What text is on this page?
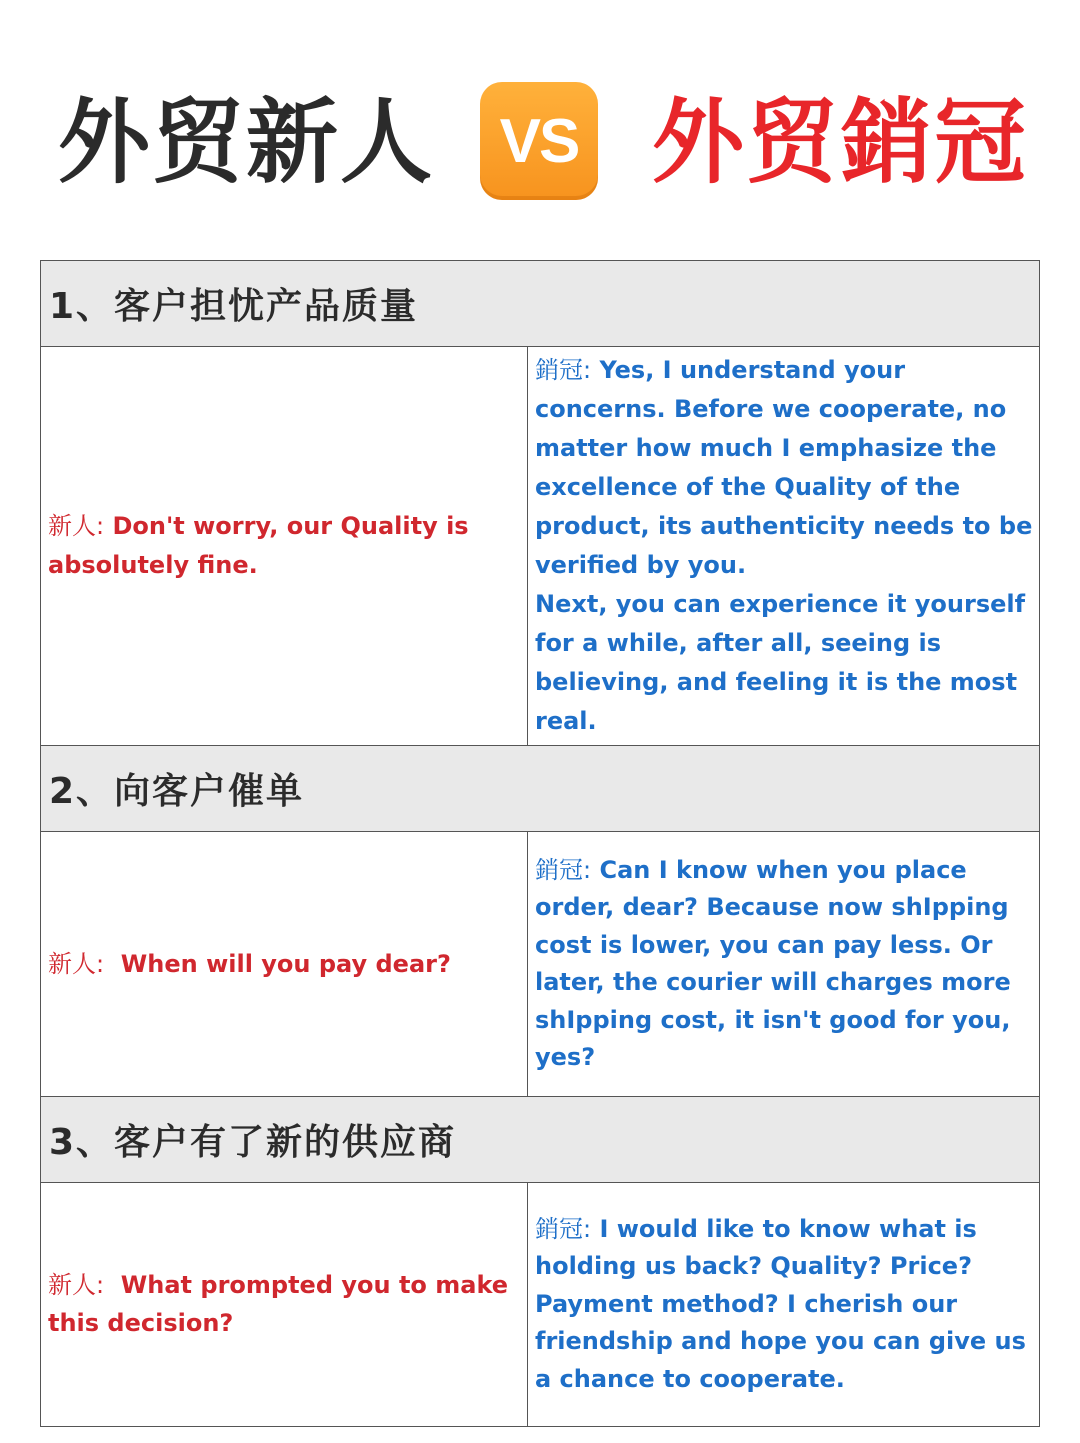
外贸新人 VS 外贸銷冠
1、客户担忧产品质量
新人: Don't worry, our Quality is absolutely fine.
銷冠: Yes, I understand your concerns. Before we cooperate, no matter how much I emphasize the excellence of the Quality of the product, its authenticity needs to be verified by you.
Next, you can experience it yourself for a while, after all, seeing is believing, and feeling it is the most real.
2、向客户催单
新人:  When will you pay dear?
銷冠: Can I know when you place order, dear? Because now shIpping cost is lower, you can pay less. Or later, the courier will charges more shIpping cost, it isn't good for you, yes?
3、客户有了新的供应商
新人:  What prompted you to make this decision?
銷冠: I would like to know what is holding us back? Quality? Price? Payment method? I cherish our friendship and hope you can give us a chance to cooperate.
